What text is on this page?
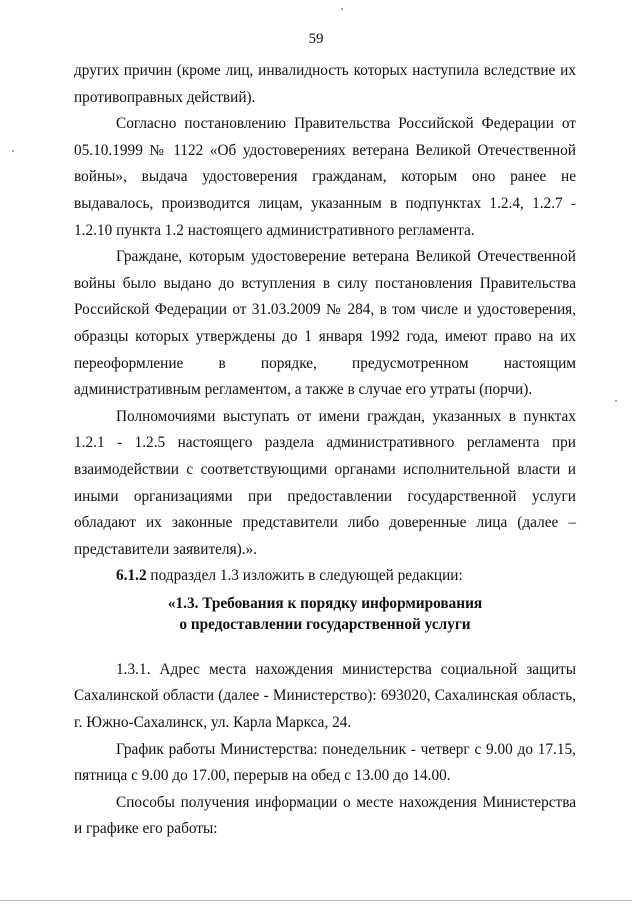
59

других причин (кроме лиц, инвалидность которых наступила вследствие их противоправных действий).

Согласно постановлению Правительства Российской Федерации от 05.10.1999 № 1122 «Об удостоверениях ветерана Великой Отечественной войны», выдача удостоверения гражданам, которым оно ранее не выдавалось, производится лицам, указанным в подпунктах 1.2.4, 1.2.7 - 1.2.10 пункта 1.2 настоящего административного регламента.

Граждане, которым удостоверение ветерана Великой Отечественной войны было выдано до вступления в силу постановления Правительства Российской Федерации от 31.03.2009 № 284, в том числе и удостоверения, образцы которых утверждены до 1 января 1992 года, имеют право на их переоформление в порядке, предусмотренном настоящим административным регламентом, а также в случае его утраты (порчи).

Полномочиями выступать от имени граждан, указанных в пунктах 1.2.1 - 1.2.5 настоящего раздела административного регламента при взаимодействии с соответствующими органами исполнительной власти и иными организациями при предоставлении государственной услуги обладают их законные представители либо доверенные лица (далее – представители заявителя).».

6.1.2 подраздел 1.3 изложить в следующей редакции:

«1.3. Требования к порядку информирования
о предоставлении государственной услуги

1.3.1. Адрес места нахождения министерства социальной защиты Сахалинской области (далее - Министерство): 693020, Сахалинская область, г. Южно-Сахалинск, ул. Карла Маркса, 24.

График работы Министерства: понедельник - четверг с 9.00 до 17.15, пятница с 9.00 до 17.00, перерыв на обед с 13.00 до 14.00.

Способы получения информации о месте нахождения Министерства и графике его работы:
